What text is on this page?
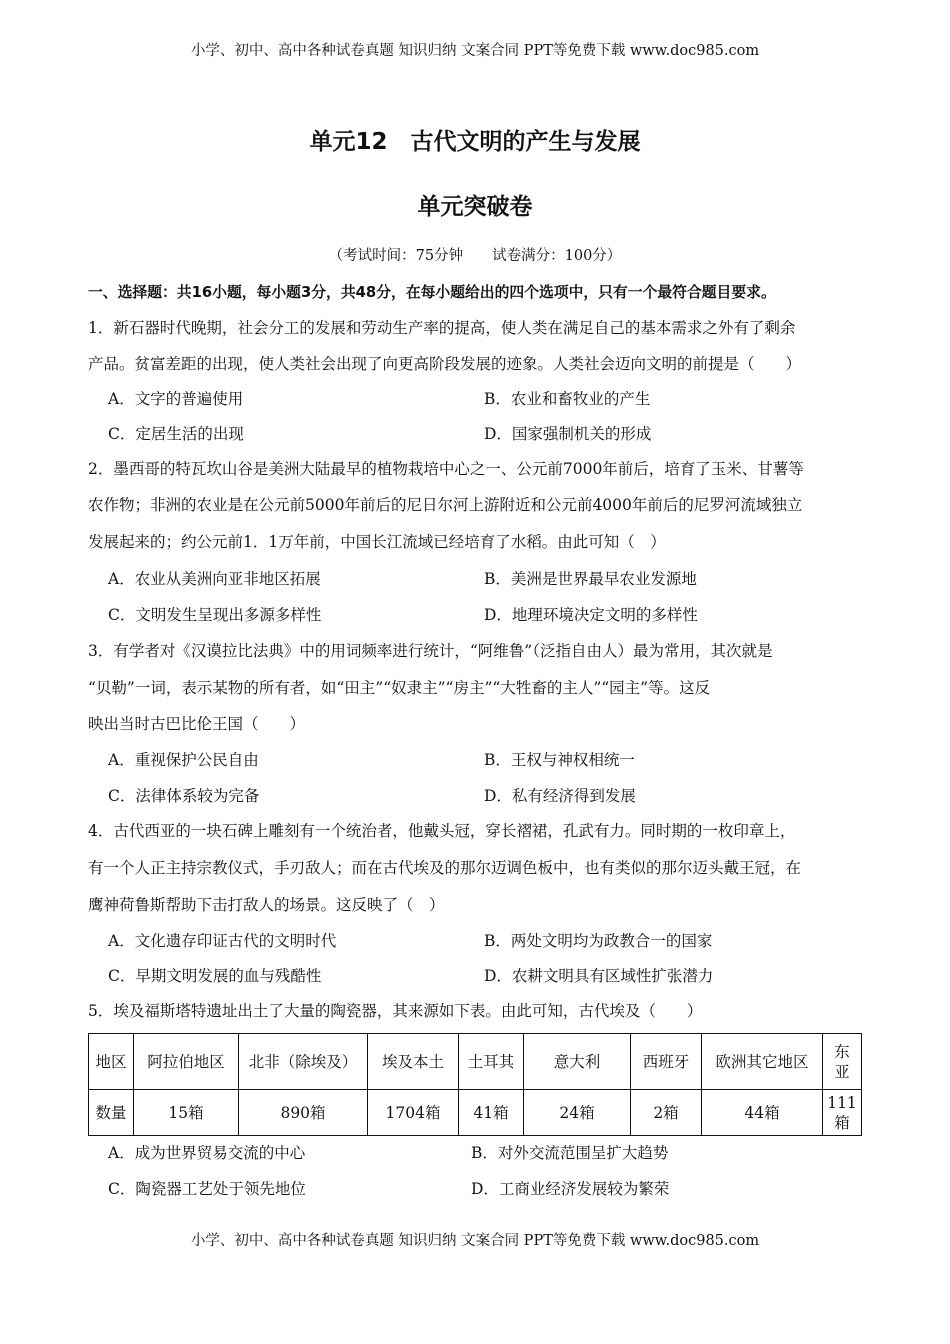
小学、初中、高中各种试卷真题 知识归纳 文案合同 PPT等免费下载 www.doc985.com
单元12　古代文明的产生与发展
单元突破卷
（考试时间：75分钟　　试卷满分：100分）
一、选择题：共16小题，每小题3分，共48分，在每小题给出的四个选项中，只有一个最符合题目要求。
1．新石器时代晚期，社会分工的发展和劳动生产率的提高，使人类在满足自己的基本需求之外有了剩余
产品。贫富差距的出现，使人类社会出现了向更高阶段发展的迹象。人类社会迈向文明的前提是（　　）
A．文字的普遍使用	B．农业和畜牧业的产生
C．定居生活的出现	D．国家强制机关的形成
2．墨西哥的特瓦坎山谷是美洲大陆最早的植物栽培中心之一、公元前7000年前后，培育了玉米、甘薯等
农作物；非洲的农业是在公元前5000年前后的尼日尔河上游附近和公元前4000年前后的尼罗河流域独立
发展起来的；约公元前1．1万年前，中国长江流域已经培育了水稻。由此可知（　）
A．农业从美洲向亚非地区拓展	B．美洲是世界最早农业发源地
C．文明发生呈现出多源多样性	D．地理环境决定文明的多样性
3．有学者对《汉谟拉比法典》中的用词频率进行统计，“阿维鲁”（泛指自由人）最为常用，其次就是
“贝勒”一词，表示某物的所有者，如“田主”“奴隶主”“房主”“大牲畜的主人”“园主”等。这反
映出当时古巴比伦王国（　　）
A．重视保护公民自由	B．王权与神权相统一
C．法律体系较为完备	D．私有经济得到发展
4．古代西亚的一块石碑上雕刻有一个统治者，他戴头冠，穿长褶裙，孔武有力。同时期的一枚印章上，
有一个人正主持宗教仪式，手刃敌人；而在古代埃及的那尔迈调色板中，也有类似的那尔迈头戴王冠，在
鹰神荷鲁斯帮助下击打敌人的场景。这反映了（　）
A．文化遗存印证古代的文明时代	B．两处文明均为政教合一的国家
C．早期文明发展的血与残酷性	D．农耕文明具有区域性扩张潜力
5．埃及福斯塔特遗址出土了大量的陶瓷器，其来源如下表。由此可知，古代埃及（　　）
A．成为世界贸易交流的中心	B．对外交流范围呈扩大趋势
C．陶瓷器工艺处于领先地位	D．工商业经济发展较为繁荣
地区	阿拉伯地区	北非（除埃及）	埃及本土	土耳其	意大利	西班牙	欧洲其它地区	东亚
数量	15箱	890箱	1704箱	41箱	24箱	2箱	44箱	111箱
小学、初中、高中各种试卷真题 知识归纳 文案合同 PPT等免费下载 www.doc985.com
